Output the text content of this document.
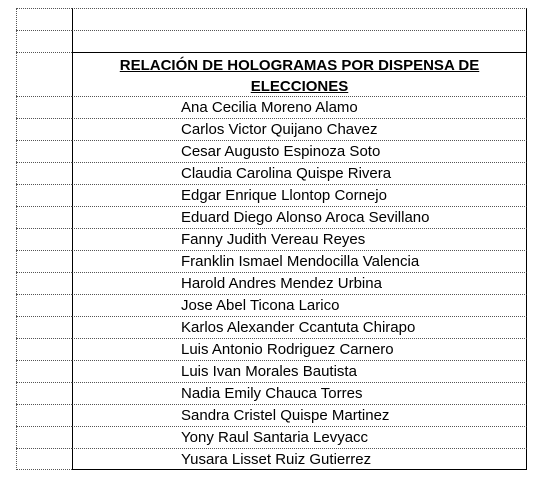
RELACIÓN DE HOLOGRAMAS POR DISPENSA DE ELECCIONES
Ana Cecilia Moreno Alamo
Carlos Victor Quijano Chavez
Cesar Augusto Espinoza Soto
Claudia Carolina Quispe Rivera
Edgar Enrique Llontop Cornejo
Eduard Diego Alonso Aroca Sevillano
Fanny Judith Vereau Reyes
Franklin Ismael Mendocilla Valencia
Harold Andres Mendez Urbina
Jose Abel Ticona Larico
Karlos Alexander Ccantuta Chirapo
Luis Antonio Rodriguez Carnero
Luis Ivan Morales Bautista
Nadia Emily Chauca Torres
Sandra Cristel Quispe Martinez
Yony Raul Santaria Levyacc
Yusara Lisset Ruiz Gutierrez
